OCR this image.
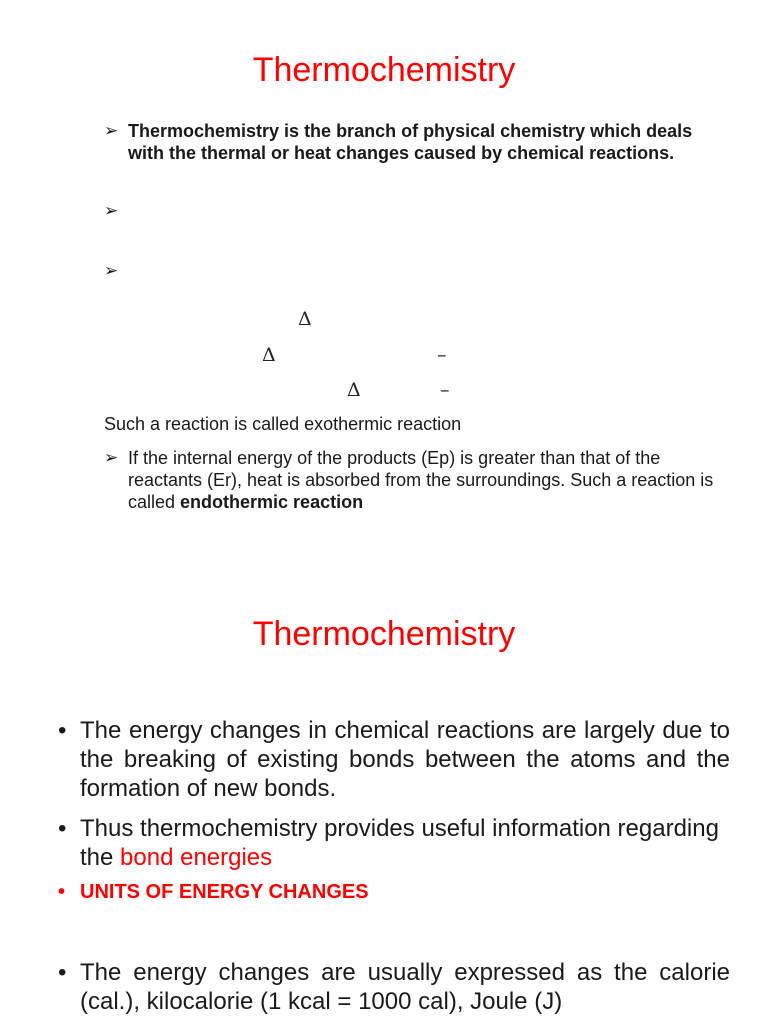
Thermochemistry
➢ Thermochemistry is the branch of physical chemistry which deals with the thermal or heat changes caused by chemical reactions.
➢
➢
Δ
Δ	–
Δ	–
Such a reaction is called exothermic reaction
➢ If the internal energy of the products (Ep) is greater than that of the reactants (Er), heat is absorbed from the surroundings. Such a reaction is called endothermic reaction
Thermochemistry
• The energy changes in chemical reactions are largely due to the breaking of existing bonds between the atoms and the formation of new bonds.
• Thus thermochemistry provides useful information regarding the bond energies
• UNITS OF ENERGY CHANGES
• The energy changes are usually expressed as the calorie (cal.), kilocalorie (1 kcal = 1000 cal), Joule (J)
